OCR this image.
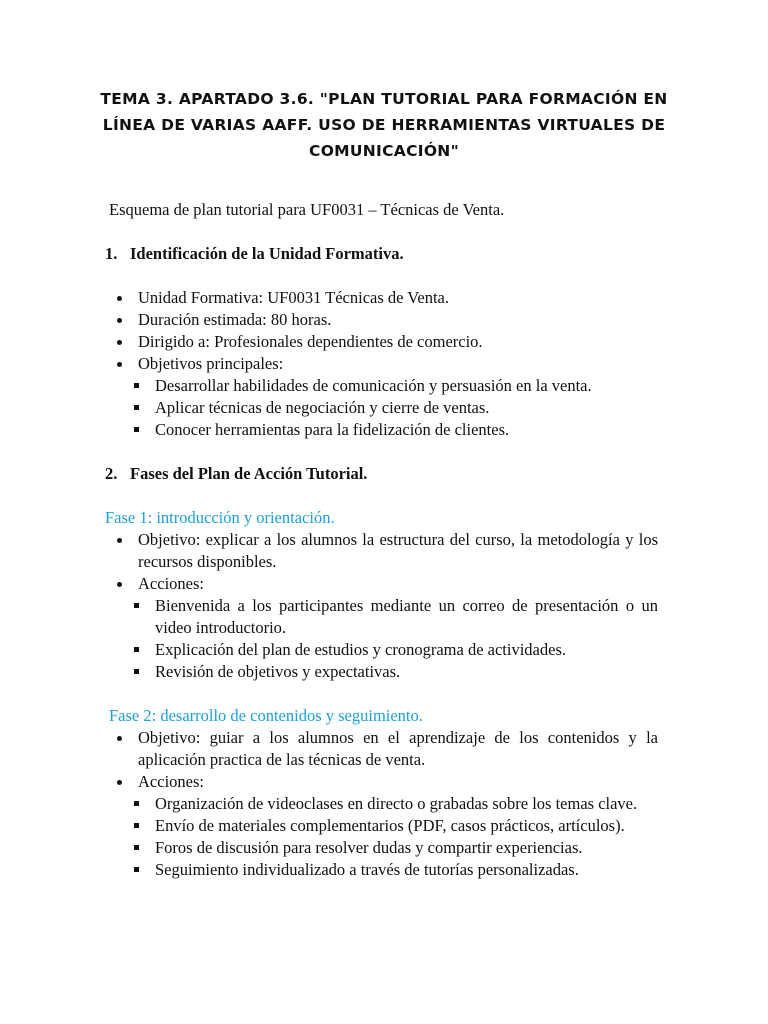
TEMA 3. APARTADO 3.6. "PLAN TUTORIAL PARA FORMACIÓN EN LÍNEA DE VARIAS AAFF. USO DE HERRAMIENTAS VIRTUALES DE COMUNICACIÓN"

Esquema de plan tutorial para UF0031 – Técnicas de Venta.

1. Identificación de la Unidad Formativa.

Unidad Formativa: UF0031 Técnicas de Venta.
Duración estimada: 80 horas.
Dirigido a: Profesionales dependientes de comercio.
Objetivos principales:
Desarrollar habilidades de comunicación y persuasión en la venta.
Aplicar técnicas de negociación y cierre de ventas.
Conocer herramientas para la fidelización de clientes.

2. Fases del Plan de Acción Tutorial.

Fase 1: introducción y orientación.

Objetivo: explicar a los alumnos la estructura del curso, la metodología y los recursos disponibles.
Acciones:
Bienvenida a los participantes mediante un correo de presentación o un video introductorio.
Explicación del plan de estudios y cronograma de actividades.
Revisión de objetivos y expectativas.

Fase 2: desarrollo de contenidos y seguimiento.

Objetivo: guiar a los alumnos en el aprendizaje de los contenidos y la aplicación practica de las técnicas de venta.
Acciones:
Organización de videoclases en directo o grabadas sobre los temas clave.
Envío de materiales complementarios (PDF, casos prácticos, artículos).
Foros de discusión para resolver dudas y compartir experiencias.
Seguimiento individualizado a través de tutorías personalizadas.
